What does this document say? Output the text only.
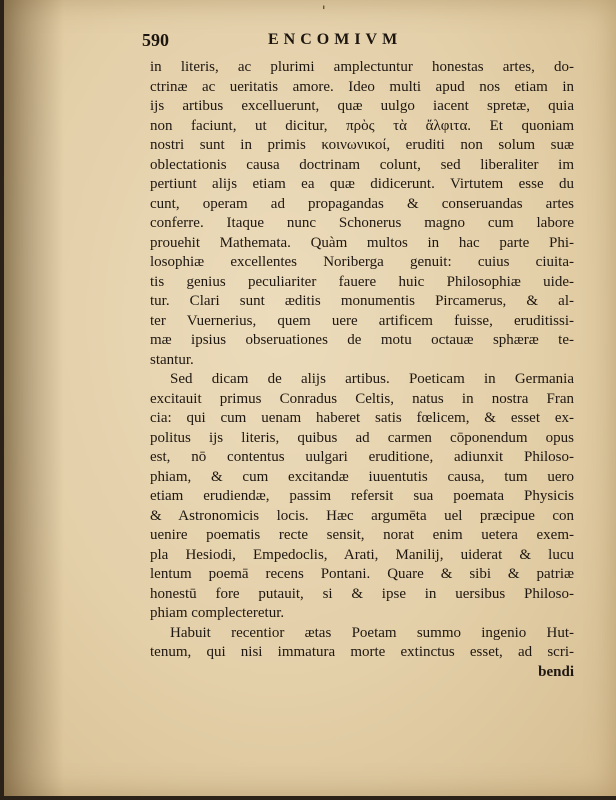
'
590	ENCOMIVM
in literis, ac plurimi amplectuntur honestas artes, do-
ctrinæ ac ueritatis amore. Ideo multi apud nos etiam in
ijs artibus excelluerunt, quæ uulgo iacent spretæ, quia
non faciunt, ut dicitur, πρὸς τὰ ἄλφιτα. Et quoniam
nostri sunt in primis κοινωνικοί, eruditi non solum suæ
oblectationis causa doctrinam colunt, sed liberaliter im
pertiunt alijs etiam ea quæ didicerunt. Virtutem esse du
cunt, operam ad propagandas & conseruandas artes
conferre. Itaque nunc Schonerus magno cum labore
prouehit Mathemata. Quàm multos in hac parte Phi-
losophiæ excellentes Noriberga genuit: cuius ciuita-
tis genius peculiariter fauere huic Philosophiæ uide-
tur. Clari sunt æditis monumentis Pircamerus, & al-
ter Vuernerius, quem uere artificem fuisse, eruditissi-
mæ ipsius obseruationes de motu octauæ sphæræ te-
stantur.
Sed dicam de alijs artibus. Poeticam in Germania
excitauit primus Conradus Celtis, natus in nostra Fran
cia: qui cum uenam haberet satis fœlicem, & esset ex-
politus ijs literis, quibus ad carmen cōponendum opus
est, nō contentus uulgari eruditione, adiunxit Philoso-
phiam, & cum excitandæ iuuentutis causa, tum uero
etiam erudiendæ, passim refersit sua poemata Physicis
& Astronomicis locis. Hæc argumēta uel præcipue con
uenire poematis recte sensit, norat enim uetera exem-
pla Hesiodi, Empedoclis, Arati, Manilij, uiderat & lucu
lentum poemā recens Pontani. Quare & sibi & patriæ
honestū fore putauit, si & ipse in uersibus Philoso-
phiam complecteretur.
Habuit recentior ætas Poetam summo ingenio Hut-
tenum, qui nisi immatura morte extinctus esset, ad scri-
bendi
